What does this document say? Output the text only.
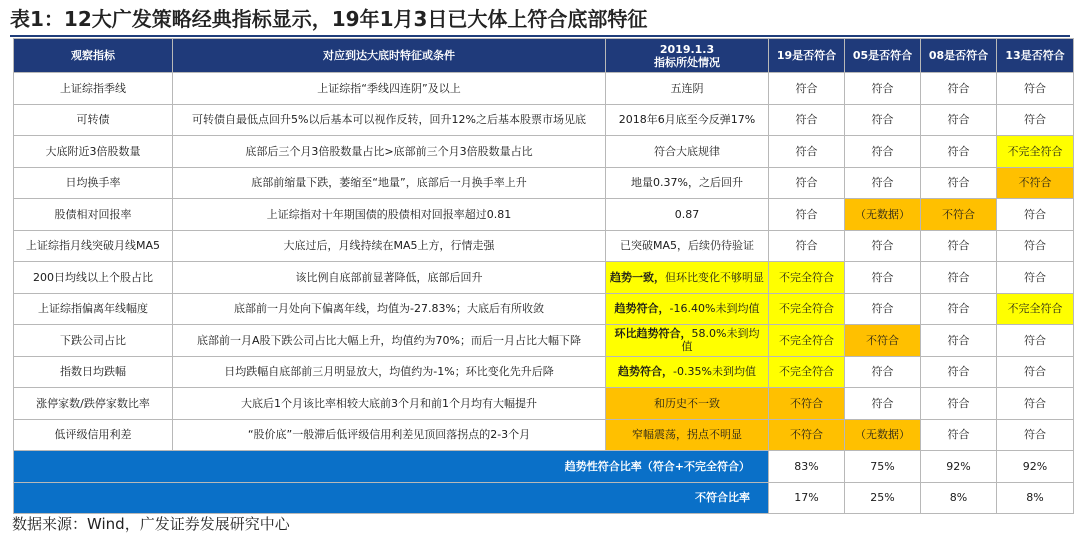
表1：12大广发策略经典指标显示，19年1月3日已大体上符合底部特征
观察指标	对应到达大底时特征或条件	2019.1.3
指标所处情况	19是否符合	05是否符合	08是否符合	13是否符合
上证综指季线	上证综指“季线四连阴”及以上	五连阴	符合	符合	符合	符合
可转债	可转债自最低点回升5%以后基本可以视作反转，回升12%之后基本股票市场见底	2018年6月底至今反弹17%	符合	符合	符合	符合
大底附近3倍股数量	底部后三个月3倍股数量占比>底部前三个月3倍股数量占比	符合大底规律	符合	符合	符合	不完全符合
日均换手率	底部前缩量下跌，萎缩至“地量”，底部后一月换手率上升	地量0.37%，之后回升	符合	符合	符合	不符合
股债相对回报率	上证综指对十年期国债的股债相对回报率超过0.81	0.87	符合	（无数据）	不符合	符合
上证综指月线突破月线MA5	大底过后，月线持续在MA5上方，行情走强	已突破MA5，后续仍待验证	符合	符合	符合	符合
200日均线以上个股占比	该比例自底部前显著降低，底部后回升	趋势一致，但环比变化不够明显	不完全符合	符合	符合	符合
上证综指偏离年线幅度	底部前一月处向下偏离年线，均值为-27.83%；大底后有所收敛	趋势符合，-16.40%未到均值	不完全符合	符合	符合	不完全符合
下跌公司占比	底部前一月A股下跌公司占比大幅上升，均值约为70%；而后一月占比大幅下降	环比趋势符合，58.0%未到均值	不完全符合	不符合	符合	符合
指数日均跌幅	日均跌幅自底部前三月明显放大，均值约为-1%；环比变化先升后降	趋势符合，-0.35%未到均值	不完全符合	符合	符合	符合
涨停家数/跌停家数比率	大底后1个月该比率相较大底前3个月和前1个月均有大幅提升	和历史不一致	不符合	符合	符合	符合
低评级信用利差	“股价底”一般滞后低评级信用利差见顶回落拐点的2-3个月	窄幅震荡，拐点不明显	不符合	（无数据）	符合	符合
趋势性符合比率（符合+不完全符合）			83%	75%	92%	92%
不符合比率			17%	25%	8%	8%
数据来源：Wind，广发证券发展研究中心
